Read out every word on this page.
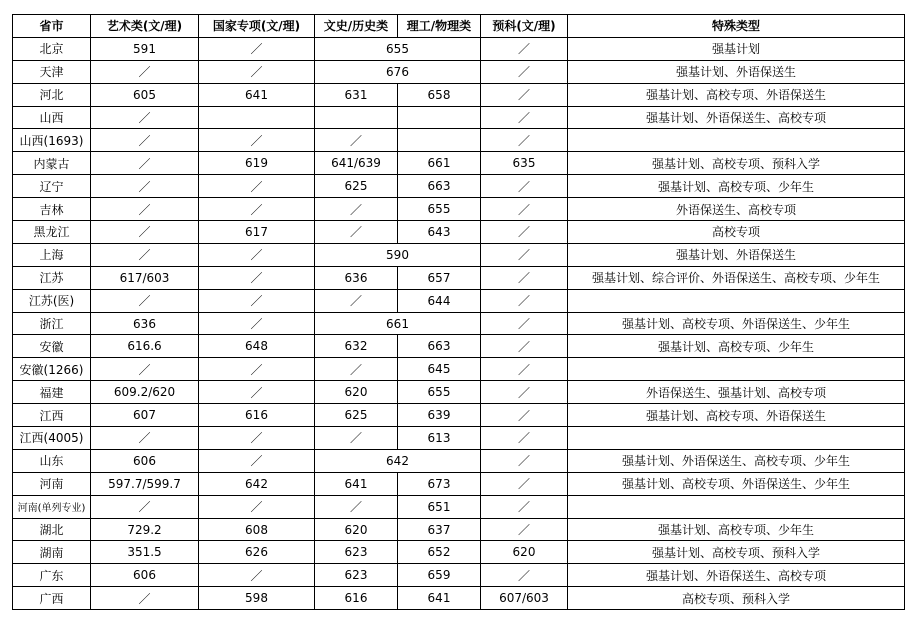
省市	艺术类(文/理)	国家专项(文/理)	文史/历史类	理工/物理类	预科(文/理)	特殊类型
北京	591	／	655		／	强基计划
天津	／	／	676		／	强基计划、外语保送生
河北	605	641	631	658	／	强基计划、高校专项、外语保送生
山西	／				／	强基计划、外语保送生、高校专项
山西(1693)	／	／	／		／	
内蒙古	／	619	641/639	661	635	强基计划、高校专项、预科入学
辽宁	／	／	625	663	／	强基计划、高校专项、少年生
吉林	／	／	／	655	／	外语保送生、高校专项
黑龙江	／	617	／	643	／	高校专项
上海	／	／	590		／	强基计划、外语保送生
江苏	617/603	／	636	657	／	强基计划、综合评价、外语保送生、高校专项、少年生
江苏(医)	／	／	／	644	／	
浙江	636	／	661		／	强基计划、高校专项、外语保送生、少年生
安徽	616.6	648	632	663	／	强基计划、高校专项、少年生
安徽(1266)	／	／	／	645	／	
福建	609.2/620	／	620	655	／	外语保送生、强基计划、高校专项
江西	607	616	625	639	／	强基计划、高校专项、外语保送生
江西(4005)	／	／	／	613	／	
山东	606	／	642		／	强基计划、外语保送生、高校专项、少年生
河南	597.7/599.7	642	641	673	／	强基计划、高校专项、外语保送生、少年生
河南(单列专业)	／	／	／	651	／	
湖北	729.2	608	620	637	／	强基计划、高校专项、少年生
湖南	351.5	626	623	652	620	强基计划、高校专项、预科入学
广东	606	／	623	659	／	强基计划、外语保送生、高校专项
广西	／	598	616	641	607/603	高校专项、预科入学
